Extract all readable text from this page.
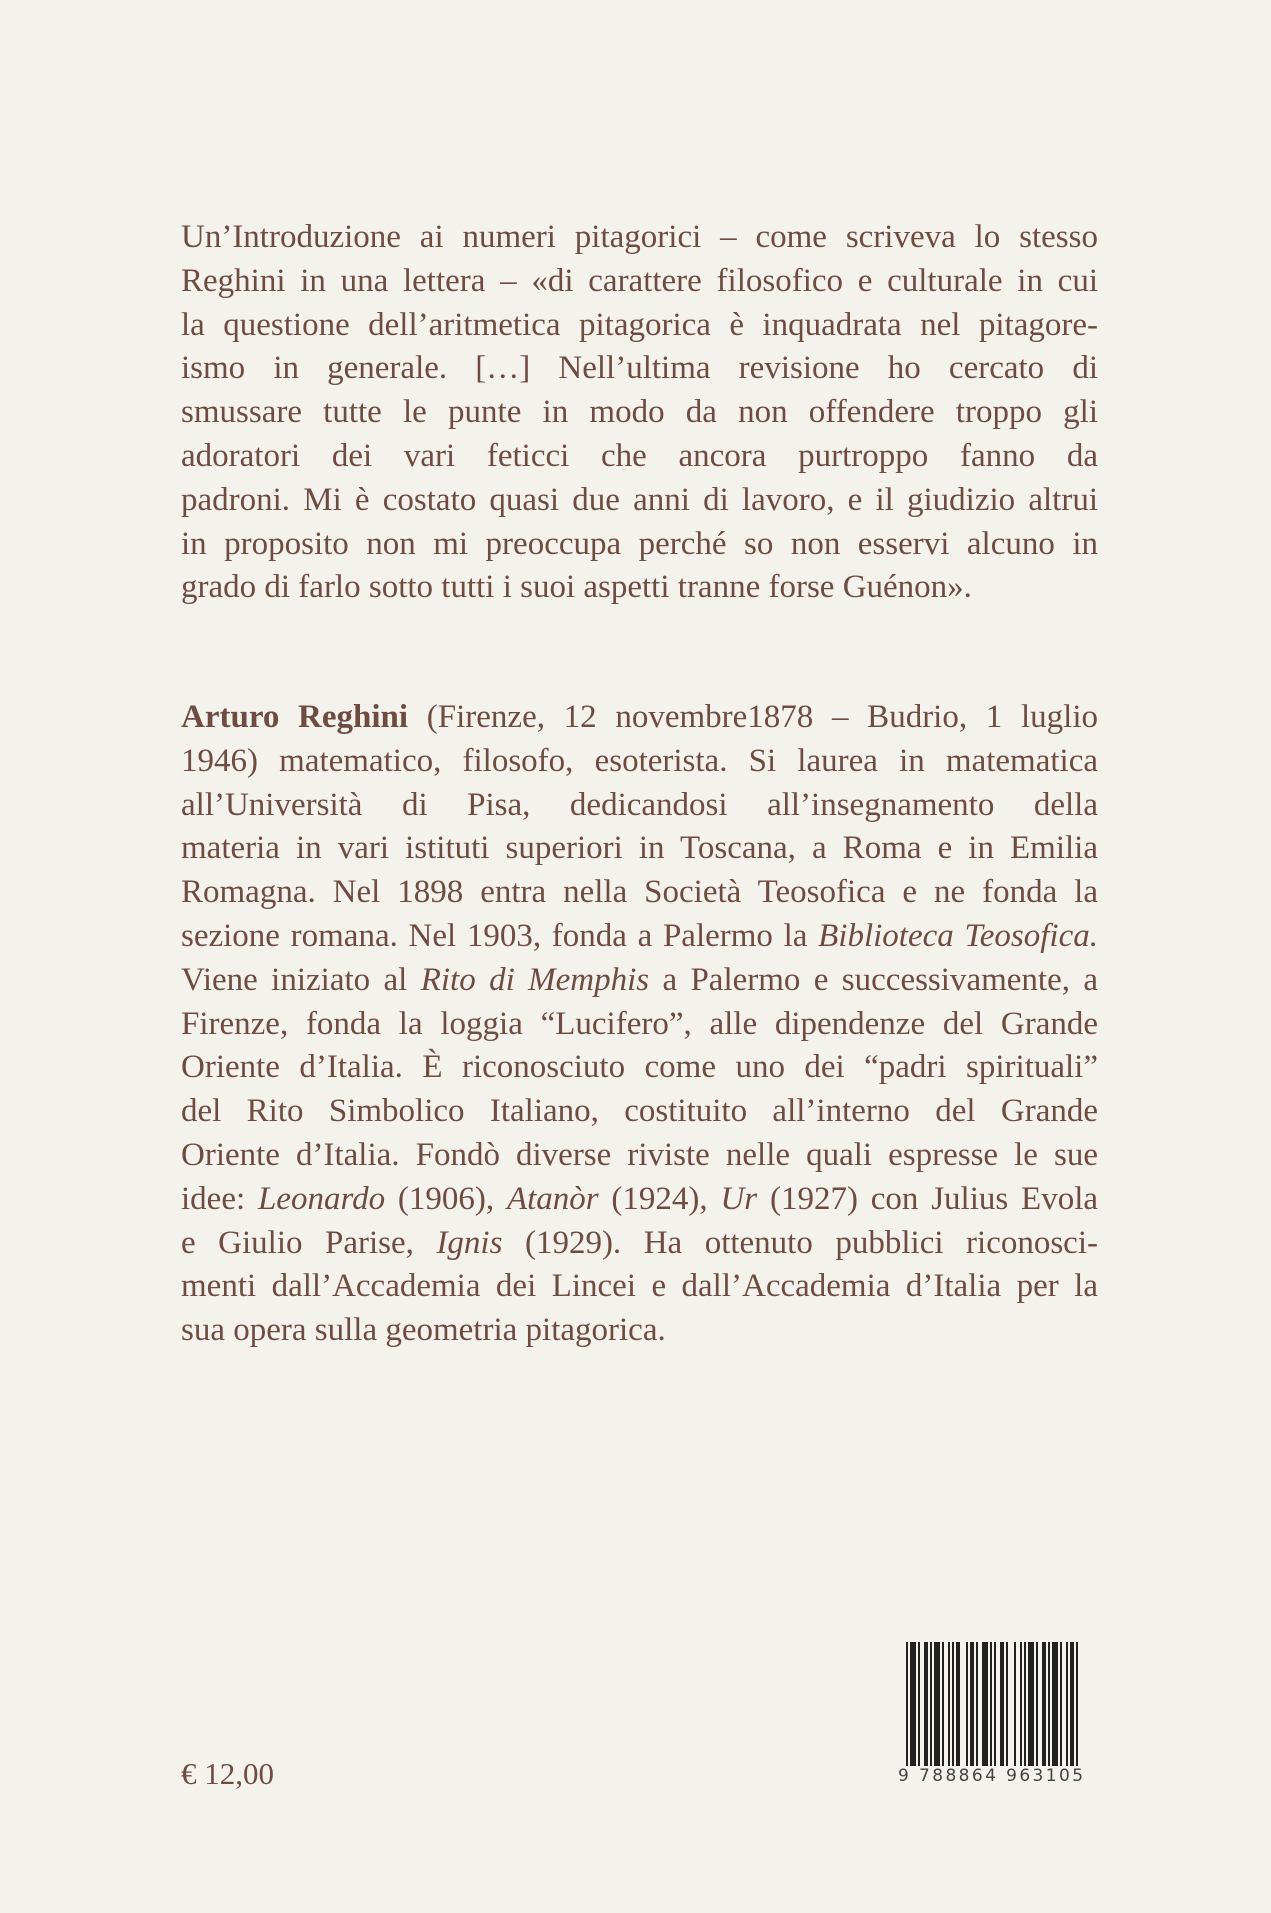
Un’Introduzione ai numeri pitagorici – come scriveva lo stesso
Reghini in una lettera – «di carattere filosofico e culturale in cui
la questione dell’aritmetica pitagorica è inquadrata nel pitagore-
ismo in generale. […] Nell’ultima revisione ho cercato di
smussare tutte le punte in modo da non offendere troppo gli
adoratori dei vari feticci che ancora purtroppo fanno da
padroni. Mi è costato quasi due anni di lavoro, e il giudizio altrui
in proposito non mi preoccupa perché so non esservi alcuno in
grado di farlo sotto tutti i suoi aspetti tranne forse Guénon».
Arturo Reghini (Firenze, 12 novembre1878 – Budrio, 1 luglio
1946) matematico, filosofo, esoterista. Si laurea in matematica
all’Università di Pisa, dedicandosi all’insegnamento della
materia in vari istituti superiori in Toscana, a Roma e in Emilia
Romagna. Nel 1898 entra nella Società Teosofica e ne fonda la
sezione romana. Nel 1903, fonda a Palermo la Biblioteca Teosofica.
Viene iniziato al Rito di Memphis a Palermo e successivamente, a
Firenze, fonda la loggia “Lucifero”, alle dipendenze del Grande
Oriente d’Italia. È riconosciuto come uno dei “padri spirituali”
del Rito Simbolico Italiano, costituito all’interno del Grande
Oriente d’Italia. Fondò diverse riviste nelle quali espresse le sue
idee: Leonardo (1906), Atanòr (1924), Ur (1927) con Julius Evola
e Giulio Parise, Ignis (1929). Ha ottenuto pubblici riconosci-
menti dall’Accademia dei Lincei e dall’Accademia d’Italia per la
sua opera sulla geometria pitagorica.
€ 12,00	9 788864 963105
